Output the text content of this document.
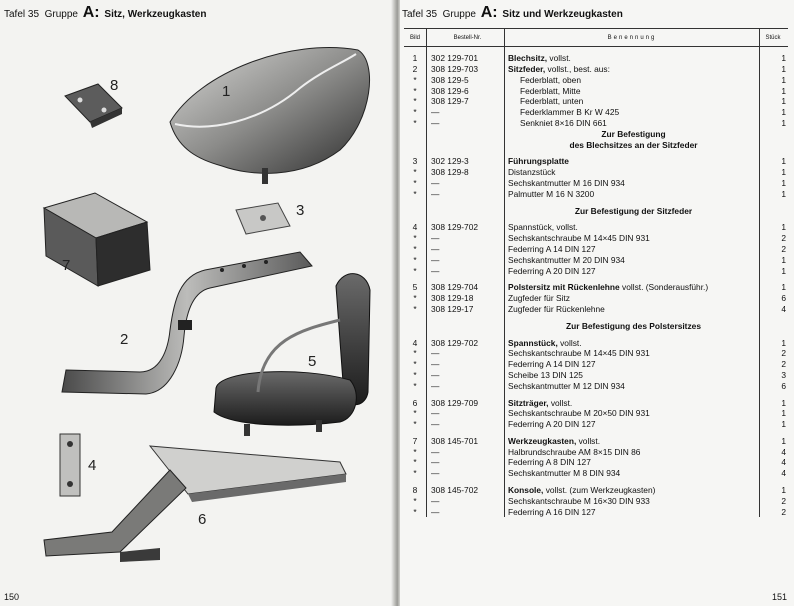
Tafel 35 Gruppe A: Sitz, Werkzeugkasten
8	1
7
3
2
5
4
6
150
Tafel 35 Gruppe A: Sitz und Werkzeugkasten
Bild	Bestell-Nr.	Benennung	Stück

1	302 129-701	Blechsitz, vollst.	1
2	308 129-703	Sitzfeder, vollst., best. aus:	1
*	308 129-5	Federblatt, oben	1
*	308 129-6	Federblatt, Mitte	1
*	308 129-7	Federblatt, unten	1
*	—	Federklammer B Kr W 425	1
*	—	Senkniet 8×16 DIN 661	1
		Zur Befestigung	
		des Blechsitzes an der Sitzfeder	

3	302 129-3	Führungsplatte	1
*	308 129-8	Distanzstück	1
*	—	Sechskantmutter M 16 DIN 934	1
*	—	Palmutter M 16 N 3200	1

		Zur Befestigung der Sitzfeder	

4	308 129-702	Spannstück, vollst.	1
*	—	Sechskantschraube M 14×45 DIN 931	2
*	—	Federring A 14 DIN 127	2
*	—	Sechskantmutter M 20 DIN 934	1
*	—	Federring A 20 DIN 127	1

5	308 129-704	Polstersitz mit Rückenlehne vollst. (Sonderausführ.)	1
*	308 129-18	Zugfeder für Sitz	6
*	308 129-17	Zugfeder für Rückenlehne	4

		Zur Befestigung des Polstersitzes	

4	308 129-702	Spannstück, vollst.	1
*	—	Sechskantschraube M 14×45 DIN 931	2
*	—	Federring A 14 DIN 127	2
*	—	Scheibe 13 DIN 125	3
*	—	Sechskantmutter M 12 DIN 934	6

6	308 129-709	Sitzträger, vollst.	1
*	—	Sechskantschraube M 20×50 DIN 931	1
*	—	Federring A 20 DIN 127	1

7	308 145-701	Werkzeugkasten, vollst.	1
*	—	Halbrundschraube AM 8×15 DIN 86	4
*	—	Federring A 8 DIN 127	4
*	—	Sechskantmutter M 8 DIN 934	4

8	308 145-702	Konsole, vollst. (zum Werkzeugkasten)	1
*	—	Sechskantschraube M 16×30 DIN 933	2
*	—	Federring A 16 DIN 127	2
151
